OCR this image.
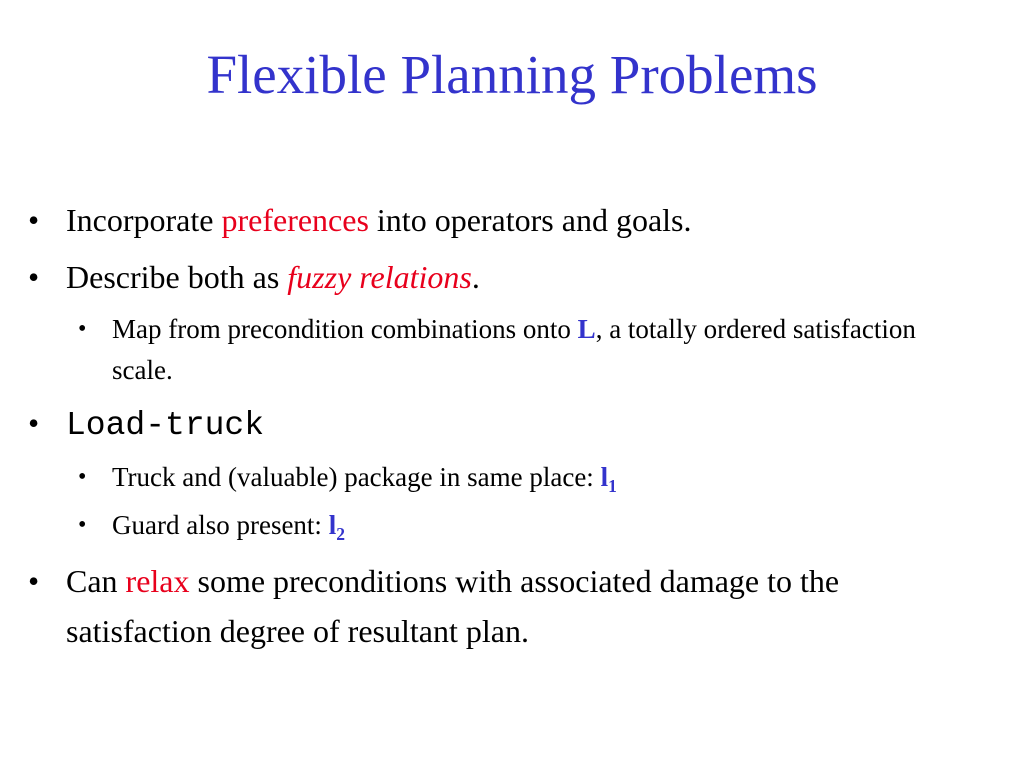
Flexible Planning Problems

• Incorporate preferences into operators and goals.

• Describe both as fuzzy relations.

• Map from precondition combinations onto L, a totally ordered satisfaction scale.

• Load-truck

• Truck and (valuable) package in same place: $l_1$

• Guard also present: $l_2$

• Can relax some preconditions with associated damage to the satisfaction degree of resultant plan.
